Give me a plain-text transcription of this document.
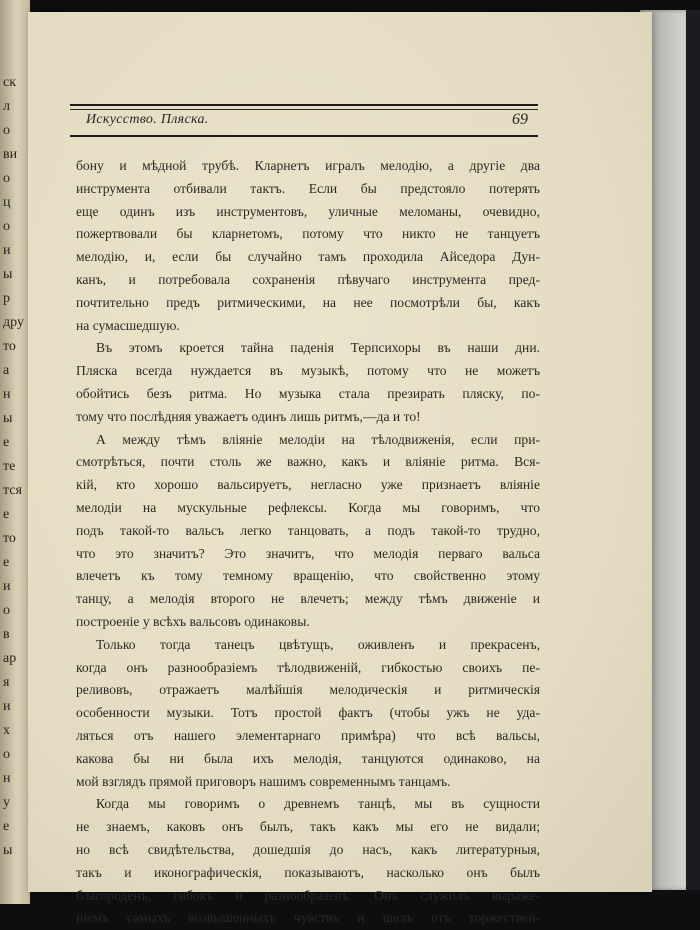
ск
л
о
ви
о
ц
о
и
ы
р
дру
то
а
н
ы
е
те
тся
е
то
е
и
о
в
ар
я
и
х
о
н
у
е
ы
Искусство. Пляска.	69
бону и мѣдной трубѣ. Кларнетъ игралъ мелодію, а другіе два
инструмента отбивали тактъ. Если бы предстояло потерять
еще одинъ изъ инструментовъ, уличные меломаны, очевидно,
пожертвовали бы кларнетомъ, потому что никто не танцуетъ
мелодію, и, если бы случайно тамъ проходила Айседора Дун-
канъ, и потребовала сохраненія пѣвучаго инструмента пред-
почтительно предъ ритмическими, на нее посмотрѣли бы, какъ
на сумасшедшую.
Въ этомъ кроется тайна паденія Терпсихоры въ наши дни.
Пляска всегда нуждается въ музыкѣ, потому что не можетъ
обойтись безъ ритма. Но музыка стала презирать пляску, по-
тому что послѣдняя уважаетъ одинъ лишь ритмъ,—да и то!
А между тѣмъ вліяніе мелодіи на тѣлодвиженія, если при-
смотрѣться, почти столь же важно, какъ и вліяніе ритма. Вся-
кій, кто хорошо вальсируетъ, негласно уже признаетъ вліяніе
мелодіи на мускульные рефлексы. Когда мы говоримъ, что
подъ такой-то вальсъ легко танцовать, а подъ такой-то трудно,
что это значитъ? Это значитъ, что мелодія перваго вальса
влечетъ къ тому темному вращенію, что свойственно этому
танцу, а мелодія второго не влечетъ; между тѣмъ движеніе и
построеніе у всѣхъ вальсовъ одинаковы.
Только тогда танецъ цвѣтущъ, оживленъ и прекрасенъ,
когда онъ разнообразіемъ тѣлодвиженій, гибкостью своихъ пе-
реливовъ, отражаетъ малѣйшія мелодическія и ритмическія
особенности музыки. Тотъ простой фактъ (чтобы ужъ не уда-
ляться отъ нашего элементарнаго примѣра) что всѣ вальсы,
какова бы ни была ихъ мелодія, танцуются одинаково, на
мой взглядъ прямой приговоръ нашимъ современнымъ танцамъ.
Когда мы говоримъ о древнемъ танцѣ, мы въ сущности
не знаемъ, каковъ онъ былъ, такъ какъ мы его не видали;
но всѣ свидѣтельства, дошедшія до насъ, какъ литературныя,
такъ и иконографическія, показываютъ, насколько онъ былъ
благороденъ, гибокъ и разнообразенъ. Онъ служилъ выраже-
ніемъ самыхъ возвышенныхъ чувствъ и шелъ отъ торжествен-
